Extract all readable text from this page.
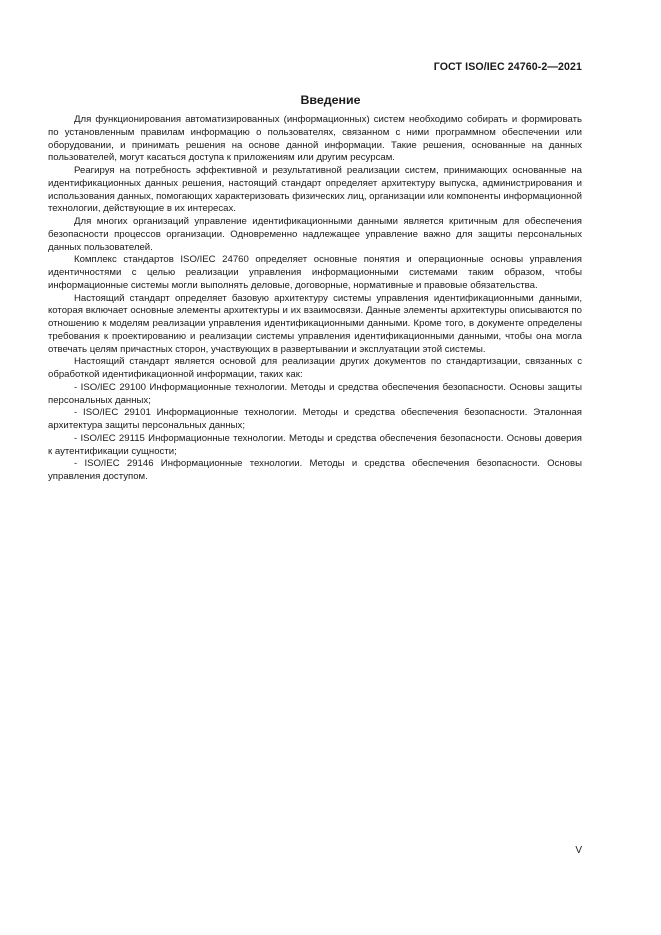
ГОСТ ISO/IEC 24760-2—2021
Введение

Для функционирования автоматизированных (информационных) систем необходимо собирать и формировать по установленным правилам информацию о пользователях, связанном с ними программном обеспечении или оборудовании, и принимать решения на основе данной информации. Такие решения, основанные на данных пользователей, могут касаться доступа к приложениям или другим ресурсам.

Реагируя на потребность эффективной и результативной реализации систем, принимающих основанные на идентификационных данных решения, настоящий стандарт определяет архитектуру выпуска, администрирования и использования данных, помогающих характеризовать физических лиц, организации или компоненты информационной технологии, действующие в их интересах.

Для многих организаций управление идентификационными данными является критичным для обеспечения безопасности процессов организации. Одновременно надлежащее управление важно для защиты персональных данных пользователей.

Комплекс стандартов ISO/IEC 24760 определяет основные понятия и операционные основы управления идентичностями с целью реализации управления информационными системами таким образом, чтобы информационные системы могли выполнять деловые, договорные, нормативные и правовые обязательства.

Настоящий стандарт определяет базовую архитектуру системы управления идентификационными данными, которая включает основные элементы архитектуры и их взаимосвязи. Данные элементы архитектуры описываются по отношению к моделям реализации управления идентификационными данными. Кроме того, в документе определены требования к проектированию и реализации системы управления идентификационными данными, чтобы она могла отвечать целям причастных сторон, участвующих в развертывании и эксплуатации этой системы.

Настоящий стандарт является основой для реализации других документов по стандартизации, связанных с обработкой идентификационной информации, таких как:

- ISO/IEC 29100 Информационные технологии. Методы и средства обеспечения безопасности. Основы защиты персональных данных;

- ISO/IEC 29101 Информационные технологии. Методы и средства обеспечения безопасности. Эталонная архитектура защиты персональных данных;

- ISO/IEC 29115 Информационные технологии. Методы и средства обеспечения безопасности. Основы доверия к аутентификации сущности;

- ISO/IEC 29146 Информационные технологии. Методы и средства обеспечения безопасности. Основы управления доступом.

V
